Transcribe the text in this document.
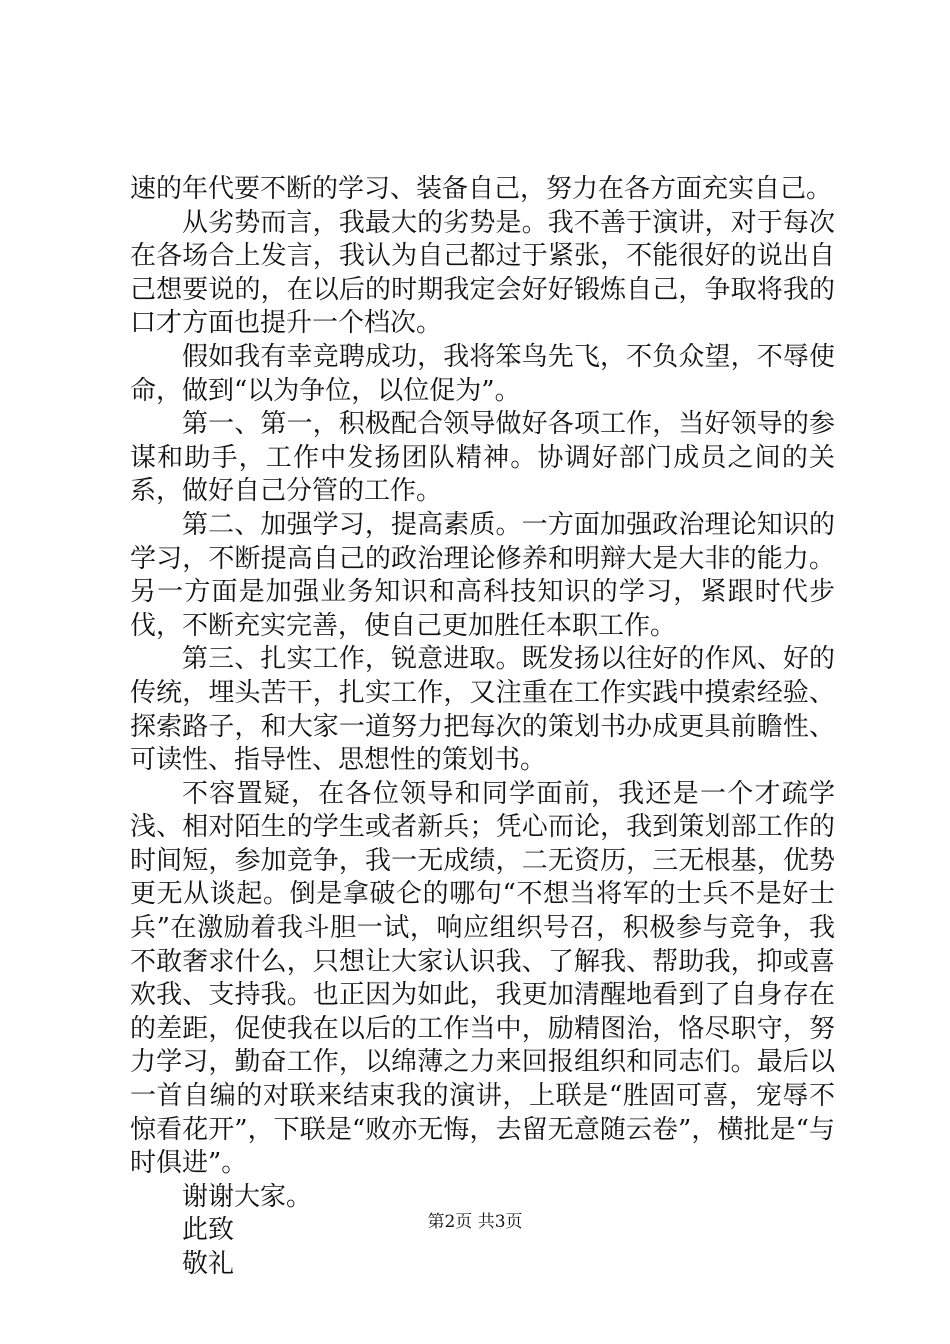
速的年代要不断的学习、装备自己，努力在各方面充实自己。

从劣势而言，我最大的劣势是。我不善于演讲，对于每次在各场合上发言，我认为自己都过于紧张，不能很好的说出自己想要说的，在以后的时期我定会好好锻炼自己，争取将我的口才方面也提升一个档次。

假如我有幸竞聘成功，我将笨鸟先飞，不负众望，不辱使命，做到“以为争位，以位促为”。

第一、第一，积极配合领导做好各项工作，当好领导的参谋和助手，工作中发扬团队精神。协调好部门成员之间的关系，做好自己分管的工作。

第二、加强学习，提高素质。一方面加强政治理论知识的学习，不断提高自己的政治理论修养和明辩大是大非的能力。另一方面是加强业务知识和高科技知识的学习，紧跟时代步伐，不断充实完善，使自己更加胜任本职工作。

第三、扎实工作，锐意进取。既发扬以往好的作风、好的传统，埋头苦干，扎实工作，又注重在工作实践中摸索经验、探索路子，和大家一道努力把每次的策划书办成更具前瞻性、可读性、指导性、思想性的策划书。

不容置疑，在各位领导和同学面前，我还是一个才疏学浅、相对陌生的学生或者新兵；凭心而论，我到策划部工作的时间短，参加竞争，我一无成绩，二无资历，三无根基，优势更无从谈起。倒是拿破仑的哪句“不想当将军的士兵不是好士兵”在激励着我斗胆一试，响应组织号召，积极参与竞争，我不敢奢求什么，只想让大家认识我、了解我、帮助我，抑或喜欢我、支持我。也正因为如此，我更加清醒地看到了自身存在的差距，促使我在以后的工作当中，励精图治，恪尽职守，努力学习，勤奋工作，以绵薄之力来回报组织和同志们。最后以一首自编的对联来结束我的演讲，上联是“胜固可喜，宠辱不惊看花开”，下联是“败亦无悔，去留无意随云卷”，横批是“与时俱进”。

谢谢大家。

此致

敬礼

第2页 共3页
